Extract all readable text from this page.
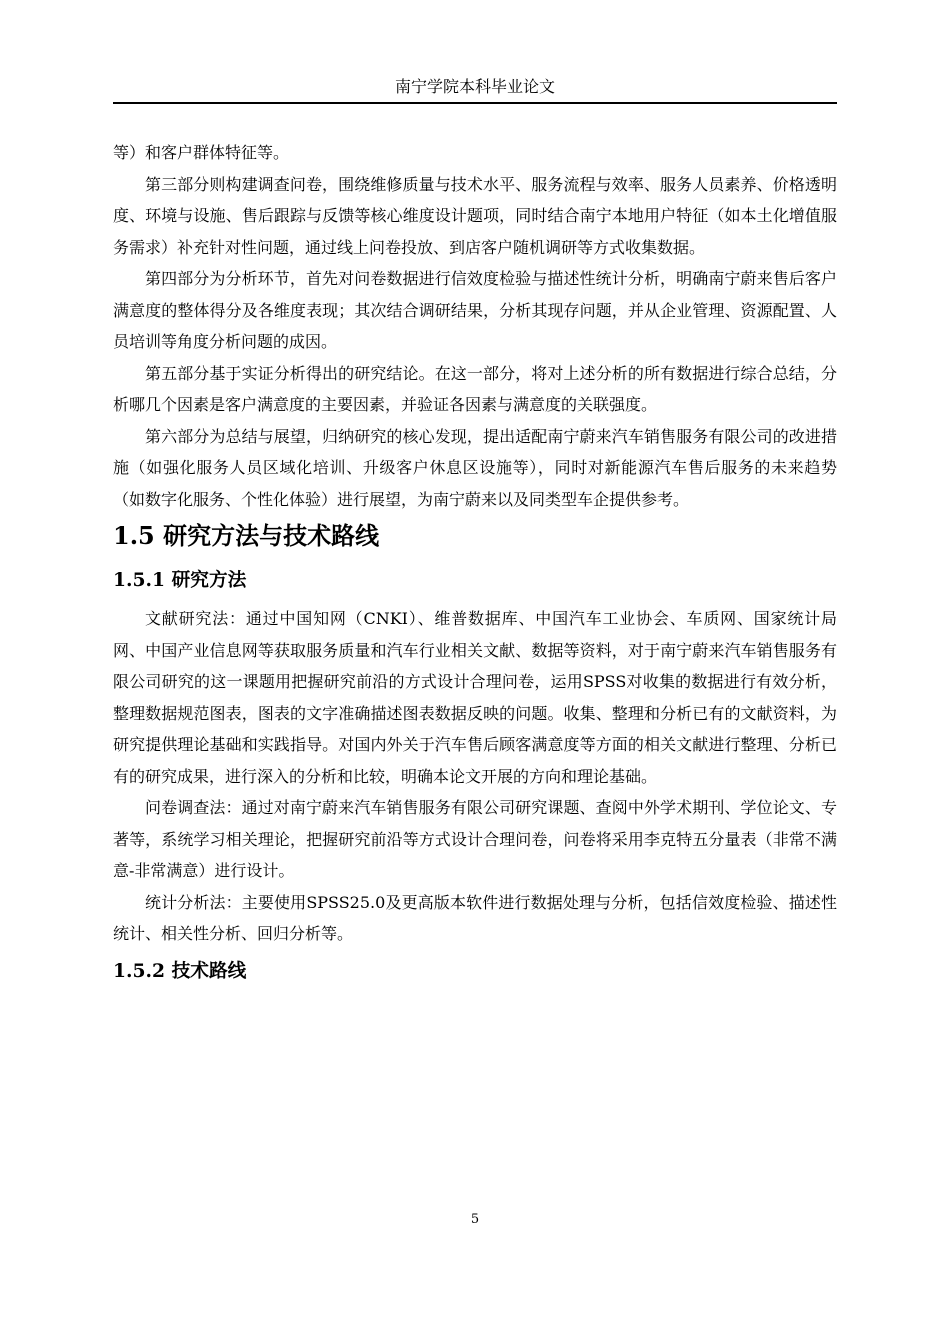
南宁学院本科毕业论文

等）和客户群体特征等。

第三部分则构建调查问卷，围绕维修质量与技术水平、服务流程与效率、服务人员素养、价格透明度、环境与设施、售后跟踪与反馈等核心维度设计题项，同时结合南宁本地用户特征（如本土化增值服务需求）补充针对性问题，通过线上问卷投放、到店客户随机调研等方式收集数据。

第四部分为分析环节，首先对问卷数据进行信效度检验与描述性统计分析，明确南宁蔚来售后客户满意度的整体得分及各维度表现；其次结合调研结果，分析其现存问题，并从企业管理、资源配置、人员培训等角度分析问题的成因。

第五部分基于实证分析得出的研究结论。在这一部分，将对上述分析的所有数据进行综合总结，分析哪几个因素是客户满意度的主要因素，并验证各因素与满意度的关联强度。

第六部分为总结与展望，归纳研究的核心发现，提出适配南宁蔚来汽车销售服务有限公司的改进措施（如强化服务人员区域化培训、升级客户休息区设施等），同时对新能源汽车售后服务的未来趋势（如数字化服务、个性化体验）进行展望，为南宁蔚来以及同类型车企提供参考。

1.5 研究方法与技术路线
1.5.1 研究方法

文献研究法：通过中国知网（CNKI）、维普数据库、中国汽车工业协会、车质网、国家统计局网、中国产业信息网等获取服务质量和汽车行业相关文献、数据等资料，对于南宁蔚来汽车销售服务有限公司研究的这一课题用把握研究前沿的方式设计合理问卷，运用SPSS对收集的数据进行有效分析，整理数据规范图表，图表的文字准确描述图表数据反映的问题。收集、整理和分析已有的文献资料，为研究提供理论基础和实践指导。对国内外关于汽车售后顾客满意度等方面的相关文献进行整理、分析已有的研究成果，进行深入的分析和比较，明确本论文开展的方向和理论基础。

问卷调查法：通过对南宁蔚来汽车销售服务有限公司研究课题、查阅中外学术期刊、学位论文、专著等，系统学习相关理论，把握研究前沿等方式设计合理问卷，问卷将采用李克特五分量表（非常不满意-非常满意）进行设计。

统计分析法：主要使用SPSS25.0及更高版本软件进行数据处理与分析，包括信效度检验、描述性统计、相关性分析、回归分析等。

1.5.2 技术路线
5
